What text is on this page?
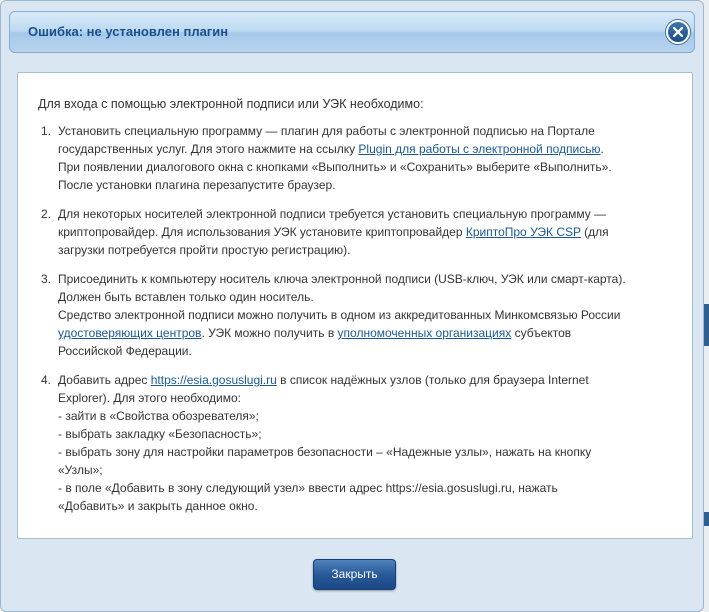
Ошибка: не установлен плагин

Для входа с помощью электронной подписи или УЭК необходимо:

1. Установить специальную программу — плагин для работы с электронной подписью на Портале
государственных услуг. Для этого нажмите на ссылку Plugin для работы с электронной подписью.
При появлении диалогового окна с кнопками «Выполнить» и «Сохранить» выберите «Выполнить».
После установки плагина перезапустите браузер.
2. Для некоторых носителей электронной подписи требуется установить специальную программу —
криптопровайдер. Для использования УЭК установите криптопровайдер КриптоПро УЭК CSP (для
загрузки потребуется пройти простую регистрацию).
3. Присоединить к компьютеру носитель ключа электронной подписи (USB-ключ, УЭК или смарт-карта).
Должен быть вставлен только один носитель.
Средство электронной подписи можно получить в одном из аккредитованных Минкомсвязью России
удостоверяющих центров. УЭК можно получить в уполномоченных организациях субъектов
Российской Федерации.
4. Добавить адрес https://esia.gosuslugi.ru в список надёжных узлов (только для браузера Internet
Explorer). Для этого необходимо:
- зайти в «Свойства обозревателя»;
- выбрать закладку «Безопасность»;
- выбрать зону для настройки параметров безопасности – «Надежные узлы», нажать на кнопку
«Узлы»;
- в поле «Добавить в зону следующий узел» ввести адрес https://esia.gosuslugi.ru, нажать
«Добавить» и закрыть данное окно.
Закрыть
